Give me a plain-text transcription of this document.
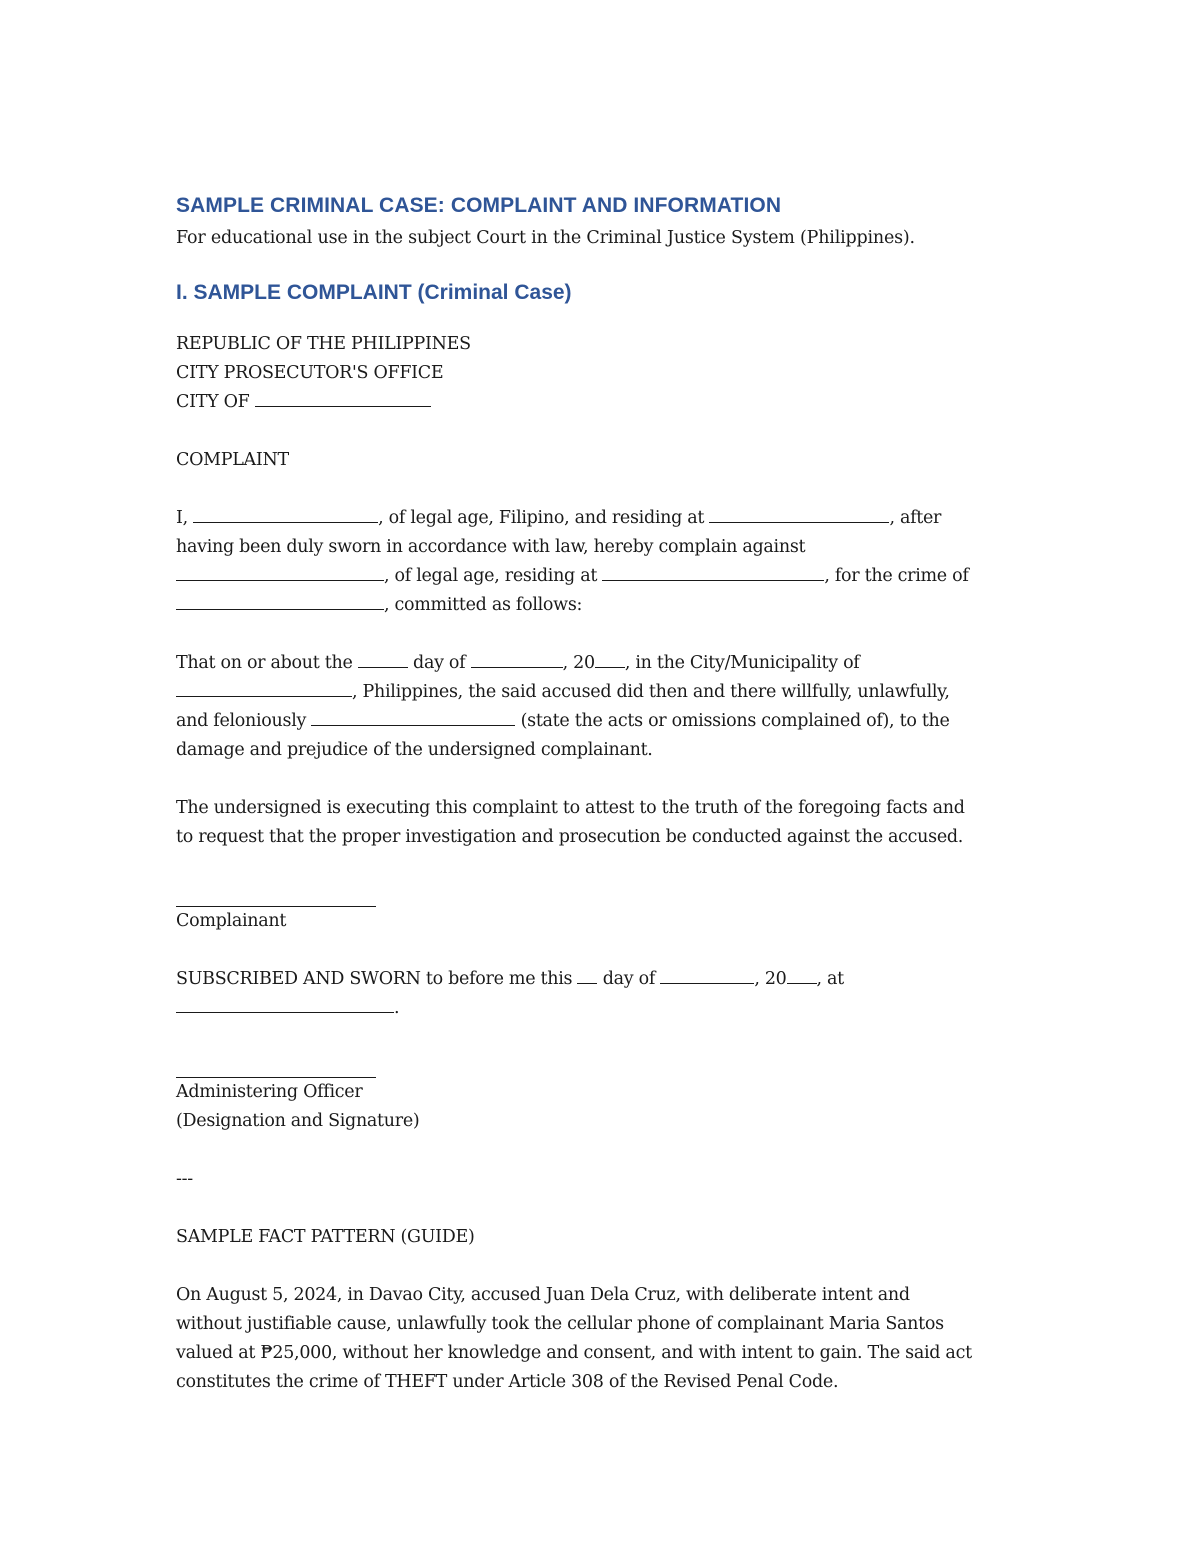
SAMPLE CRIMINAL CASE: COMPLAINT AND INFORMATION

For educational use in the subject Court in the Criminal Justice System (Philippines).

I. SAMPLE COMPLAINT (Criminal Case)
REPUBLIC OF THE PHILIPPINES
CITY PROSECUTOR'S OFFICE
CITY OF
COMPLAINT
I,	, of legal age, Filipino, and residing at	, after
having been duly sworn in accordance with law, hereby complain against
, of legal age, residing at	, for the crime of
, committed as follows:
That on or about the	day of	, 20 , in the City/Municipality of
, Philippines, the said accused did then and there willfully, unlawfully,
and feloniously	(state the acts or omissions complained of), to the
damage and prejudice of the undersigned complainant.
The undersigned is executing this complaint to attest to the truth of the foregoing facts and
to request that the proper investigation and prosecution be conducted against the accused.
Complainant
SUBSCRIBED AND SWORN to before me this day of	, 20 , at
.
Administering Officer
(Designation and Signature)
---
SAMPLE FACT PATTERN (GUIDE)
On August 5, 2024, in Davao City, accused Juan Dela Cruz, with deliberate intent and
without justifiable cause, unlawfully took the cellular phone of complainant Maria Santos
valued at ₱25,000, without her knowledge and consent, and with intent to gain. The said act
constitutes the crime of THEFT under Article 308 of the Revised Penal Code.
